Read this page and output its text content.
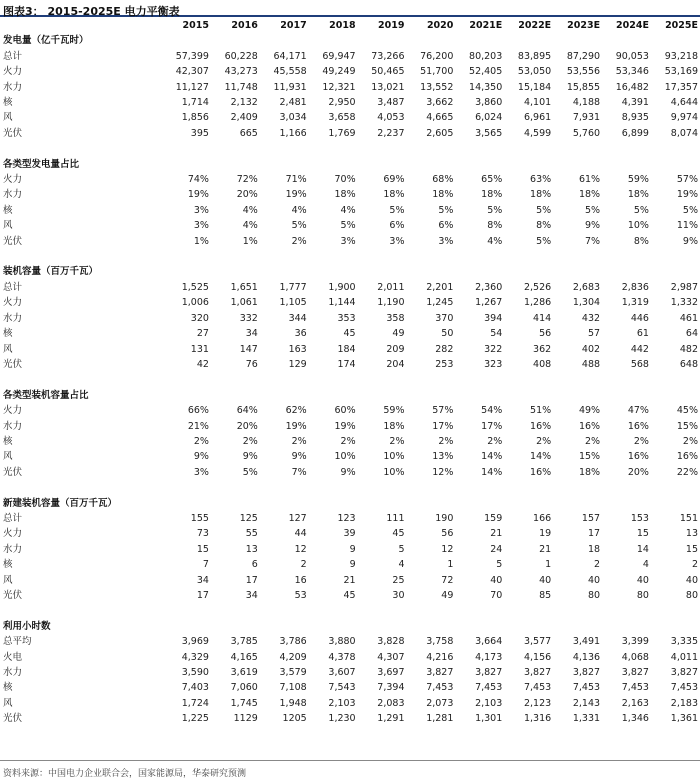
图表3： 2015-2025E 电力平衡表
	2015	2016	2017	2018	2019	2020	2021E	2022E	2023E	2024E	2025E
发电量（亿千瓦时）											
总计	57,399	60,228	64,171	69,947	73,266	76,200	80,203	83,895	87,290	90,053	93,218
火力	42,307	43,273	45,558	49,249	50,465	51,700	52,405	53,050	53,556	53,346	53,169
水力	11,127	11,748	11,931	12,321	13,021	13,552	14,350	15,184	15,855	16,482	17,357
核	1,714	2,132	2,481	2,950	3,487	3,662	3,860	4,101	4,188	4,391	4,644
风	1,856	2,409	3,034	3,658	4,053	4,665	6,024	6,961	7,931	8,935	9,974
光伏	395	665	1,166	1,769	2,237	2,605	3,565	4,599	5,760	6,899	8,074

各类型发电量占比											
火力	74%	72%	71%	70%	69%	68%	65%	63%	61%	59%	57%
水力	19%	20%	19%	18%	18%	18%	18%	18%	18%	18%	19%
核	3%	4%	4%	4%	5%	5%	5%	5%	5%	5%	5%
风	3%	4%	5%	5%	6%	6%	8%	8%	9%	10%	11%
光伏	1%	1%	2%	3%	3%	3%	4%	5%	7%	8%	9%

装机容量（百万千瓦）											
总计	1,525	1,651	1,777	1,900	2,011	2,201	2,360	2,526	2,683	2,836	2,987
火力	1,006	1,061	1,105	1,144	1,190	1,245	1,267	1,286	1,304	1,319	1,332
水力	320	332	344	353	358	370	394	414	432	446	461
核	27	34	36	45	49	50	54	56	57	61	64
风	131	147	163	184	209	282	322	362	402	442	482
光伏	42	76	129	174	204	253	323	408	488	568	648

各类型装机容量占比											
火力	66%	64%	62%	60%	59%	57%	54%	51%	49%	47%	45%
水力	21%	20%	19%	19%	18%	17%	17%	16%	16%	16%	15%
核	2%	2%	2%	2%	2%	2%	2%	2%	2%	2%	2%
风	9%	9%	9%	10%	10%	13%	14%	14%	15%	16%	16%
光伏	3%	5%	7%	9%	10%	12%	14%	16%	18%	20%	22%

新建装机容量（百万千瓦）											
总计	155	125	127	123	111	190	159	166	157	153	151
火力	73	55	44	39	45	56	21	19	17	15	13
水力	15	13	12	9	5	12	24	21	18	14	15
核	7	6	2	9	4	1	5	1	2	4	2
风	34	17	16	21	25	72	40	40	40	40	40
光伏	17	34	53	45	30	49	70	85	80	80	80

利用小时数											
总平均	3,969	3,785	3,786	3,880	3,828	3,758	3,664	3,577	3,491	3,399	3,335
火电	4,329	4,165	4,209	4,378	4,307	4,216	4,173	4,156	4,136	4,068	4,011
水力	3,590	3,619	3,579	3,607	3,697	3,827	3,827	3,827	3,827	3,827	3,827
核	7,403	7,060	7,108	7,543	7,394	7,453	7,453	7,453	7,453	7,453	7,453
风	1,724	1,745	1,948	2,103	2,083	2,073	2,103	2,123	2,143	2,163	2,183
光伏	1,225	1129	1205	1,230	1,291	1,281	1,301	1,316	1,331	1,346	1,361
资料来源：中国电力企业联合会，国家能源局，华泰研究预测
